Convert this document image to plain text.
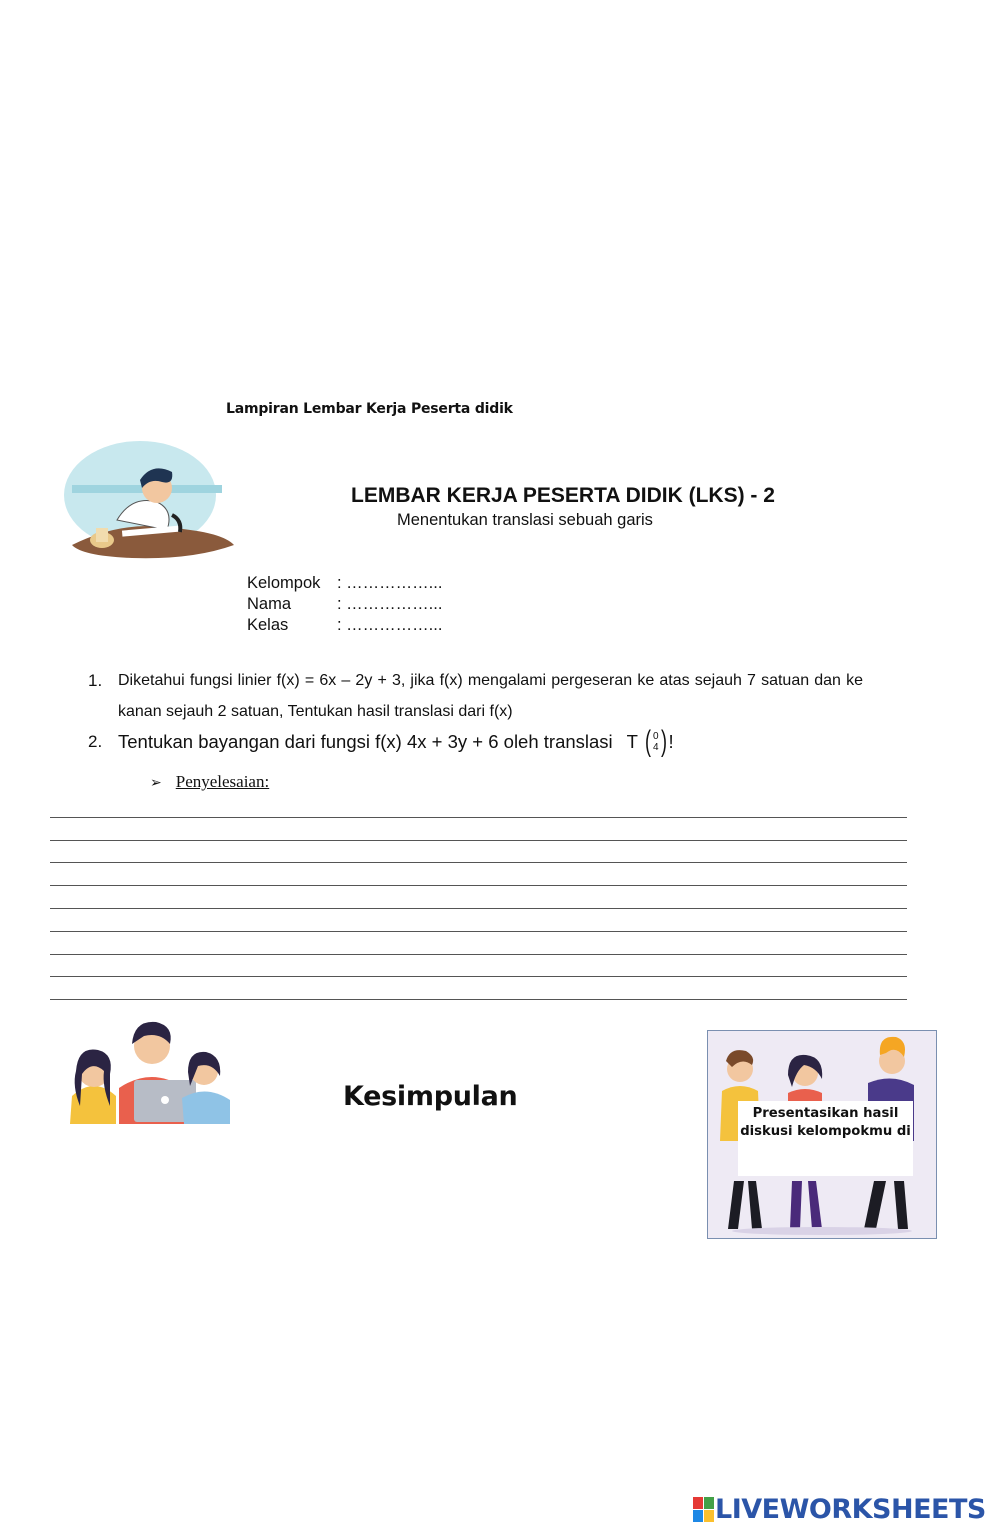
Lampiran Lembar Kerja Peserta didik
LEMBAR KERJA PESERTA DIDIK (LKS) - 2
Menentukan translasi sebuah garis
Kelompok	: ……………...
Nama	: ……………...
Kelas	: ……………...
1. Diketahui fungsi linier f(x) = 6x – 2y + 3, jika f(x) mengalami pergeseran ke atas sejauh 7 satuan dan ke kanan sejauh 2 satuan, Tentukan hasil translasi dari f(x)
2. Tentukan bayangan dari fungsi f(x) 4x + 3y + 6 oleh translasi T ( 0
4 ) !
➢ Penyelesaian:
Kesimpulan
Presentasikan hasil
diskusi kelompokmu di
LIVEWORKSHEETS
